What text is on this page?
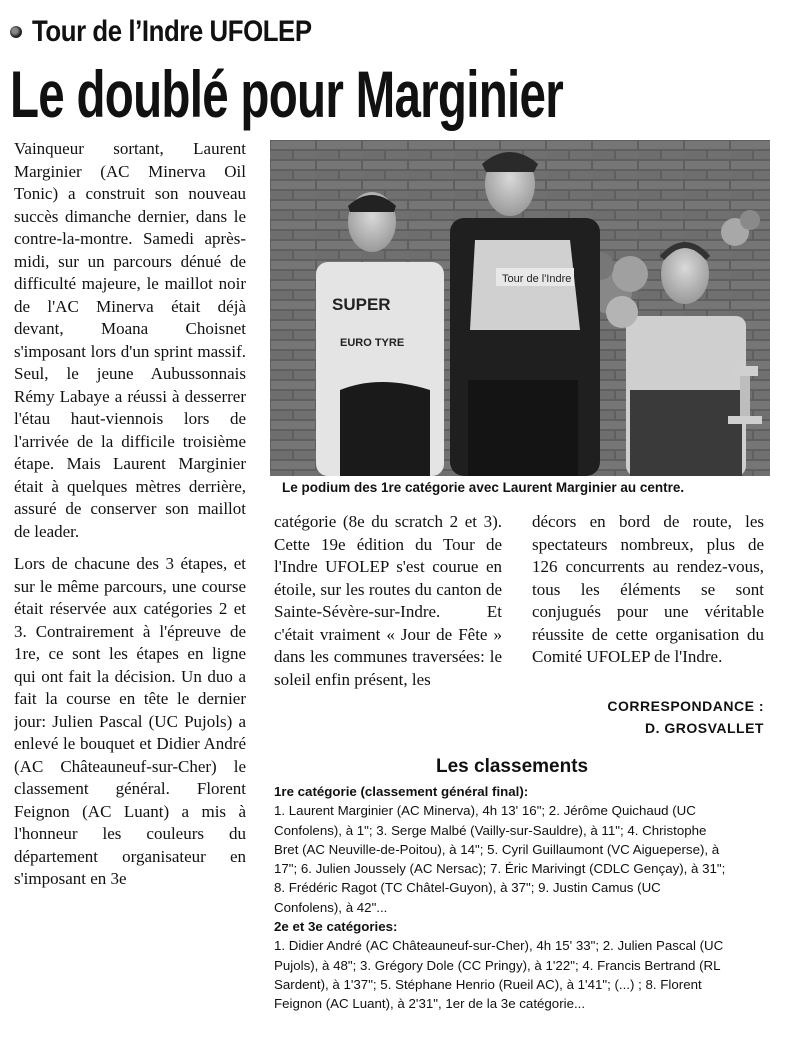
Tour de l’Indre UFOLEP
Le doublé pour Marginier

Vainqueur sortant, Laurent Marginier (AC Minerva Oil Tonic) a construit son nouveau succès dimanche dernier, dans le contre-la-montre. Samedi après-midi, sur un parcours dénué de difficulté majeure, le maillot noir de l'AC Minerva était déjà devant, Moana Choisnet s'imposant lors d'un sprint massif. Seul, le jeune Aubussonnais Rémy Labaye a réussi à desserrer l'étau haut-viennois lors de l'arrivée de la difficile troisième étape. Mais Laurent Marginier était à quelques mètres derrière, assuré de conserver son maillot de leader.

Lors de chacune des 3 étapes, et sur le même parcours, une course était réservée aux catégories 2 et 3. Contrairement à l'épreuve de 1re, ce sont les étapes en ligne qui ont fait la décision. Un duo a fait la course en tête le dernier jour: Julien Pascal (UC Pujols) a enlevé le bouquet et Didier André (AC Châteauneuf-sur-Cher) le classement général. Florent Feignon (AC Luant) a mis à l'honneur les couleurs du département organisateur en s'imposant en 3e

Tour de l'Indre
SUPER
EURO TYRE
Le podium des 1re catégorie avec Laurent Marginier au centre.

catégorie (8e du scratch 2 et 3). Cette 19e édition du Tour de l'Indre UFOLEP s'est courue en étoile, sur les routes du canton de Sainte-Sévère-sur-Indre. Et c'était vraiment « Jour de Fête » dans les communes traversées: le soleil enfin présent, les

décors en bord de route, les spectateurs nombreux, plus de 126 concurrents au rendez-vous, tous les éléments se sont conjugués pour une véritable réussite de cette organisation du Comité UFOLEP de l'Indre.

CORRESPONDANCE :
D. GROSVALLET
Les classements
1re catégorie (classement général final):
1. Laurent Marginier (AC Minerva), 4h 13' 16"; 2. Jérôme Quichaud (UC
Confolens), à 1"; 3. Serge Malbé (Vailly-sur-Sauldre), à 11"; 4. Christophe
Bret (AC Neuville-de-Poitou), à 14"; 5. Cyril Guillaumont (VC Aigueperse), à
17"; 6. Julien Joussely (AC Nersac); 7. Éric Marivingt (CDLC Gençay), à 31";
8. Frédéric Ragot (TC Châtel-Guyon), à 37"; 9. Justin Camus (UC
Confolens), à 42"...
2e et 3e catégories:
1. Didier André (AC Châteauneuf-sur-Cher), 4h 15' 33"; 2. Julien Pascal (UC
Pujols), à 48"; 3. Grégory Dole (CC Pringy), à 1'22"; 4. Francis Bertrand (RL
Sardent), à 1'37"; 5. Stéphane Henrio (Rueil AC), à 1'41"; (...) ; 8. Florent
Feignon (AC Luant), à 2'31", 1er de la 3e catégorie...
